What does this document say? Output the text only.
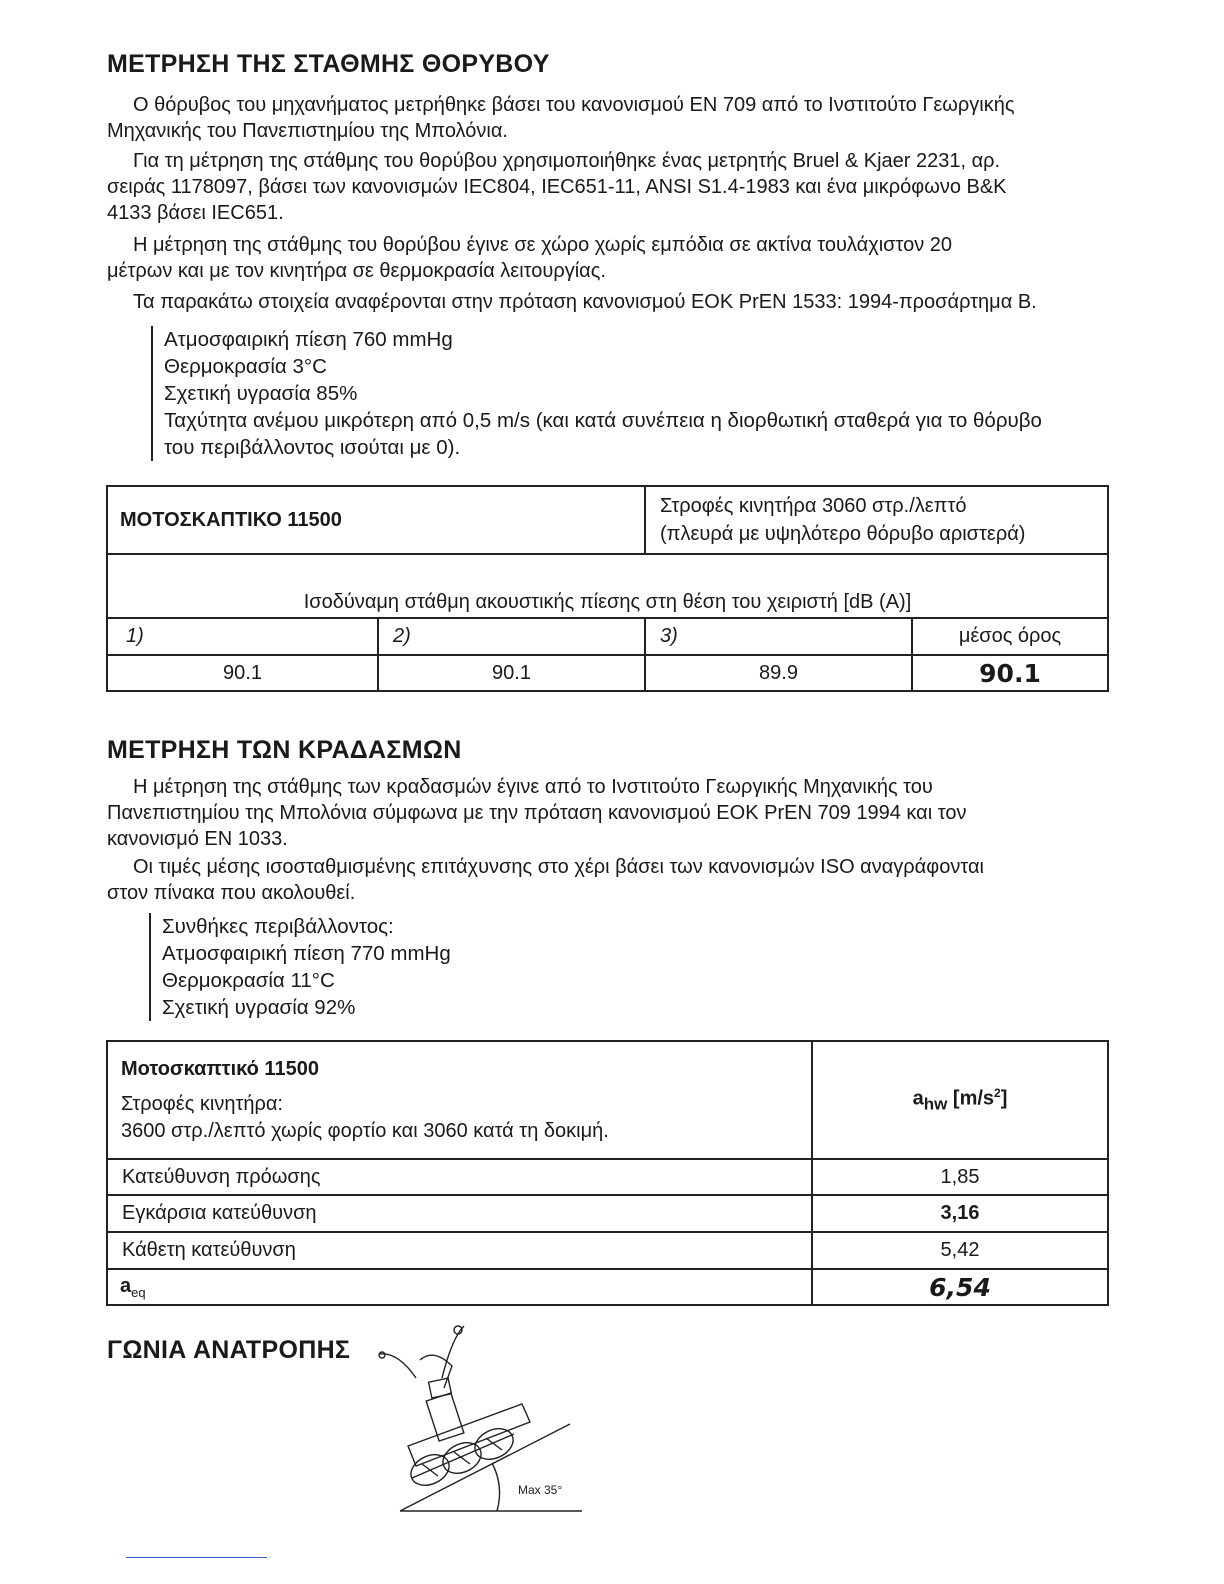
ΜΕΤΡΗΣΗ ΤΗΣ ΣΤΑΘΜΗΣ ΘΟΡΥΒΟΥ

Ο θόρυβος του μηχανήματος μετρήθηκε βάσει του κανονισμού EN 709 από το Ινστιτούτο Γεωργικής
Μηχανικής του Πανεπιστημίου της Μπολόνια.

Για τη μέτρηση της στάθμης του θορύβου χρησιμοποιήθηκε ένας μετρητής Bruel & Kjaer 2231, αρ.
σειράς 1178097, βάσει των κανονισμών IEC804, IEC651-11, ANSI S1.4-1983 και ένα μικρόφωνο B&K
4133 βάσει IEC651.

Η μέτρηση της στάθμης του θορύβου έγινε σε χώρο χωρίς εμπόδια σε ακτίνα τουλάχιστον 20
μέτρων και με τον κινητήρα σε θερμοκρασία λειτουργίας.

Τα παρακάτω στοιχεία αναφέρονται στην πρόταση κανονισμού ΕΟΚ PrEN 1533: 1994-προσάρτημα Β.

Ατμοσφαιρική πίεση 760 mmHg
Θερμοκρασία 3°C
Σχετική υγρασία 85%
Ταχύτητα ανέμου μικρότερη από 0,5 m/s (και κατά συνέπεια η διορθωτική σταθερά για το θόρυβο
του περιβάλλοντος ισούται με 0).
ΜΟΤΟΣΚΑΠΤΙΚΟ 11500		Στροφές κινητήρα 3060 στρ./λεπτό
(πλευρά με υψηλότερο θόρυβο αριστερά)	

Ισοδύναμη στάθμη ακουστικής πίεσης στη θέση του χειριστή [dB (A)]			
1)	2)	3)	μέσος όρος
90.1	90.1	89.9	90.1
ΜΕΤΡΗΣΗ ΤΩΝ ΚΡΑΔΑΣΜΩΝ

Η μέτρηση της στάθμης των κραδασμών έγινε από το Ινστιτούτο Γεωργικής Μηχανικής του
Πανεπιστημίου της Μπολόνια σύμφωνα με την πρόταση κανονισμού ΕΟΚ PrEN 709 1994 και τον
κανονισμό EN 1033.

Οι τιμές μέσης ισοσταθμισμένης επιτάχυνσης στο χέρι βάσει των κανονισμών ISO αναγράφονται
στον πίνακα που ακολουθεί.

Συνθήκες περιβάλλοντος:
Ατμοσφαιρική πίεση 770 mmHg
Θερμοκρασία 11°C
Σχετική υγρασία 92%
Μοτοσκαπτικό 11500
Στροφές κινητήρα:
3600 στρ./λεπτό χωρίς φορτίο και 3060 κατά τη δοκιμή.	$a_{hw}$ $[m/s^2]$
Κατεύθυνση πρόωσης	1,85
Εγκάρσια κατεύθυνση	3,16
Κάθετη κατεύθυνση	5,42
$a_{eq}$	6,54
ΓΩΝΙΑ ΑΝΑΤΡΟΠΗΣ
Max 35°
